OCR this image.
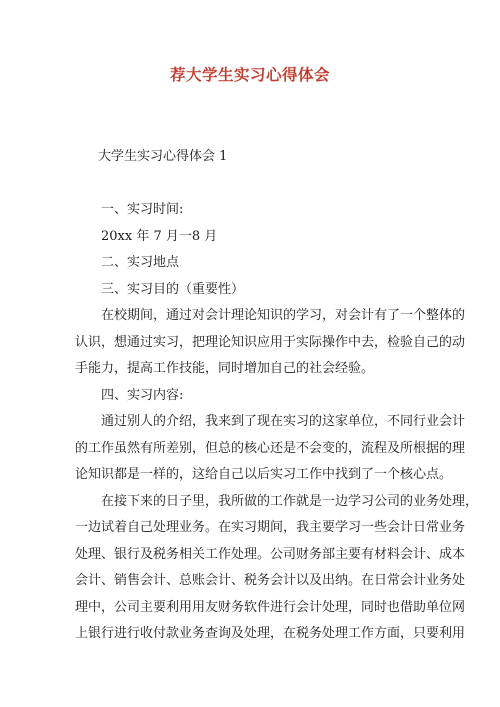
荐大学生实习心得体会
大学生实习心得体会 1
一、实习时间:
20xx 年 7 月一8 月
二、实习地点
三、实习目的（重要性）
在校期间，通过对会计理论知识的学习，对会计有了一个整体的
认识，想通过实习，把理论知识应用于实际操作中去，检验自己的动
手能力，提高工作技能，同时增加自己的社会经验。
四、实习内容:
通过别人的介绍，我来到了现在实习的这家单位，不同行业会计
的工作虽然有所差别，但总的核心还是不会变的，流程及所根据的理
论知识都是一样的，这给自己以后实习工作中找到了一个核心点。
在接下来的日子里，我所做的工作就是一边学习公司的业务处理，
一边试着自己处理业务。在实习期间，我主要学习一些会计日常业务
处理、银行及税务相关工作处理。公司财务部主要有材料会计、成本
会计、销售会计、总账会计、税务会计以及出纳。在日常会计业务处
理中，公司主要利用用友财务软件进行会计处理，同时也借助单位网
上银行进行收付款业务查询及处理，在税务处理工作方面，只要利用
